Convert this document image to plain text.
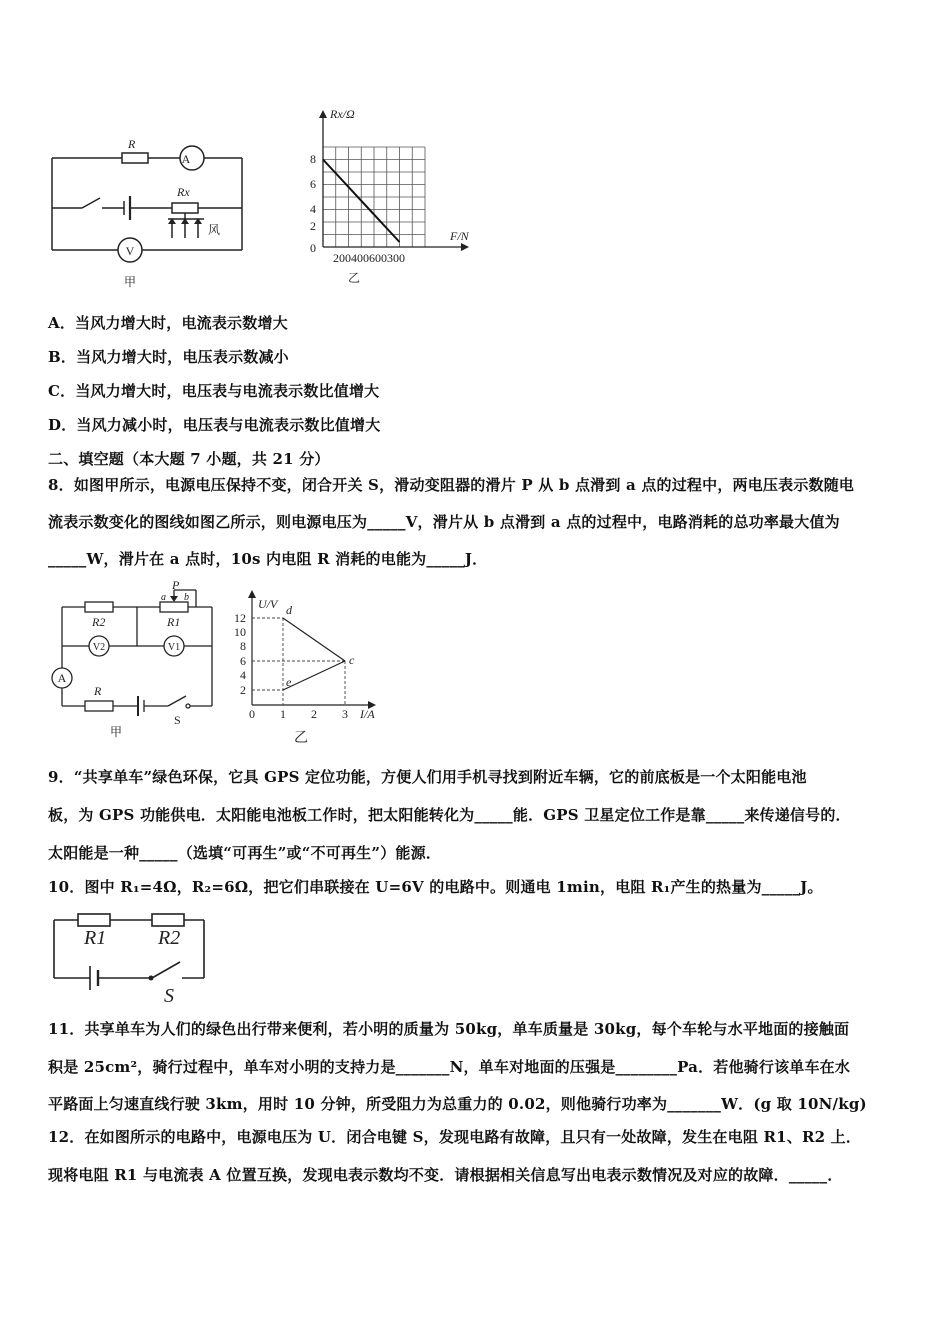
R
A
Rx
风
V
甲
Rx/Ω
F/N
8
6
4
2
0
200400600300
乙
A．当风力增大时，电流表示数增大
B．当风力增大时，电压表示数减小
C．当风力增大时，电压表与电流表示数比值增大
D．当风力减小时，电压表与电流表示数比值增大
二、填空题（本大题 7 小题，共 21 分）
8．如图甲所示，电源电压保持不变，闭合开关 S，滑动变阻器的滑片 P 从 b 点滑到 a 点的过程中，两电压表示数随电
流表示数变化的图线如图乙所示，则电源电压为_____V，滑片从 b 点滑到 a 点的过程中，电路消耗的总功率最大值为
_____W，滑片在 a 点时，10s 内电阻 R 消耗的电能为_____J．
P
a b
R2	R1
V2	V1
A
R
S
甲
U/V
I/A
12
10
8
6
4
2
0 1 2 3
d
c
e
乙
9．“共享单车”绿色环保，它具 GPS 定位功能，方便人们用手机寻找到附近车辆，它的前底板是一个太阳能电池
板，为 GPS 功能供电．太阳能电池板工作时，把太阳能转化为_____能．GPS 卫星定位工作是靠_____来传递信号的．
太阳能是一种_____（选填“可再生”或“不可再生”）能源．
10．图中 R₁=4Ω，R₂=6Ω，把它们串联接在 U=6V 的电路中。则通电 1min，电阻 R₁产生的热量为_____J。
R1	R2
S
11．共享单车为人们的绿色出行带来便利，若小明的质量为 50kg，单车质量是 30kg，每个车轮与水平地面的接触面
积是 25cm²，骑行过程中，单车对小明的支持力是_______N，单车对地面的压强是________Pa．若他骑行该单车在水
平路面上匀速直线行驶 3km，用时 10 分钟，所受阻力为总重力的 0.02，则他骑行功率为_______W．(g 取 10N/kg)
12．在如图所示的电路中，电源电压为 U．闭合电键 S，发现电路有故障，且只有一处故障，发生在电阻 R1、R2 上．
现将电阻 R1 与电流表 A 位置互换，发现电表示数均不变．请根据相关信息写出电表示数情况及对应的故障．_____．
